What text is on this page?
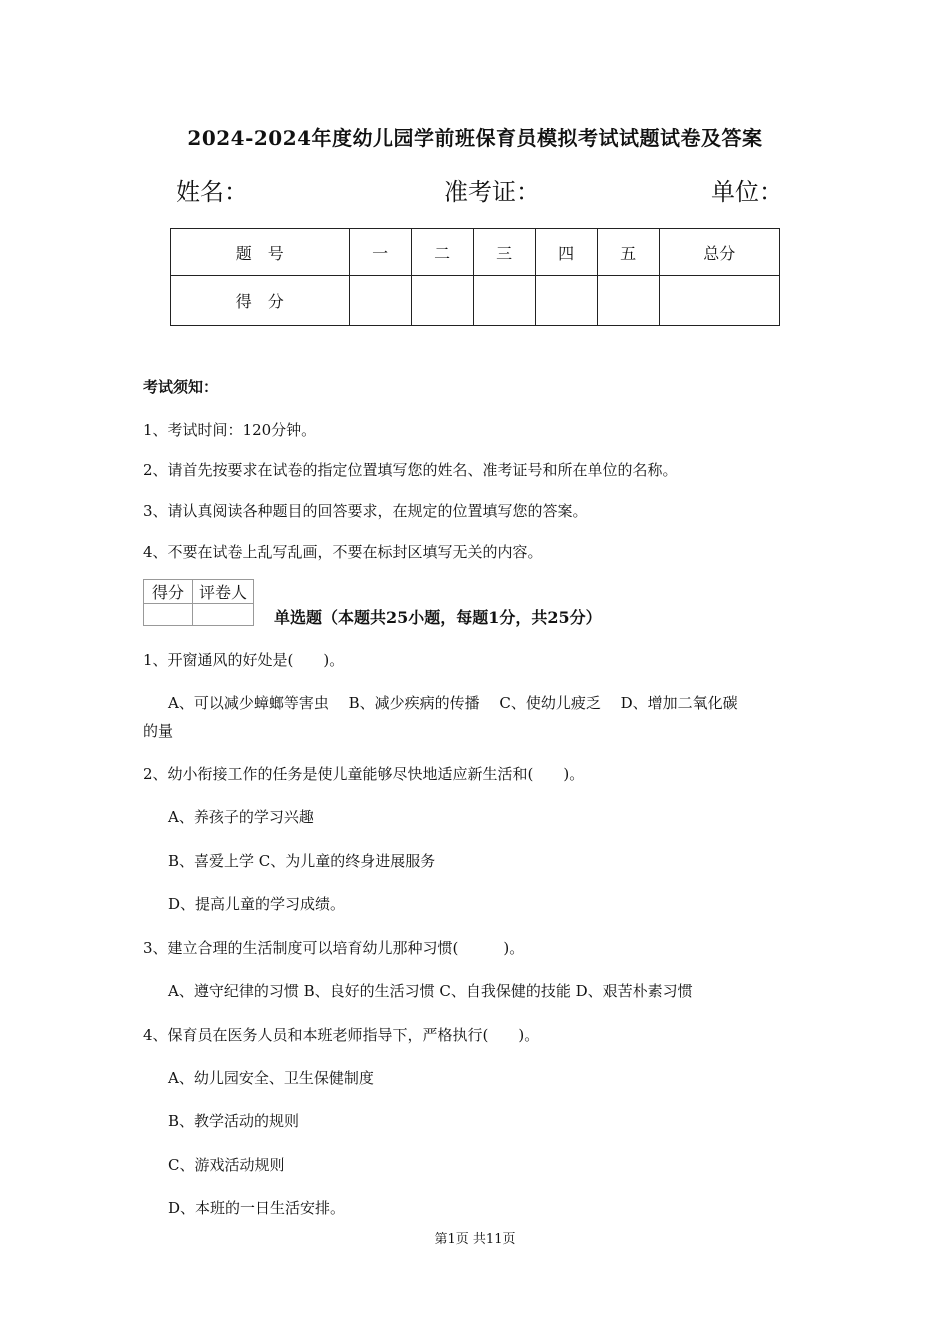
2024-2024年度幼儿园学前班保育员模拟考试试题试卷及答案
姓名：	准考证：	单位：
题　号	一	二	三	四	五	总分
得　分						
考试须知：
1、考试时间：120分钟。
2、请首先按要求在试卷的指定位置填写您的姓名、准考证号和所在单位的名称。
3、请认真阅读各种题目的回答要求，在规定的位置填写您的答案。
4、不要在试卷上乱写乱画，不要在标封区填写无关的内容。
得分	评卷人

单选题（本题共25小题，每题1分，共25分）
1、开窗通风的好处是(　　)。
A、可以减少蟑螂等害虫　 B、减少疾病的传播　 C、使幼儿疲乏　 D、增加二氧化碳
的量
2、幼小衔接工作的任务是使儿童能够尽快地适应新生活和(　　)。
A、养孩子的学习兴趣
B、喜爱上学 C、为儿童的终身进展服务
D、提高儿童的学习成绩。
3、建立合理的生活制度可以培育幼儿那种习惯(　　　)。
A、遵守纪律的习惯 B、良好的生活习惯 C、自我保健的技能 D、艰苦朴素习惯
4、保育员在医务人员和本班老师指导下，严格执行(　　)。
A、幼儿园安全、卫生保健制度
B、教学活动的规则
C、游戏活动规则
D、本班的一日生活安排。
第1页 共11页
